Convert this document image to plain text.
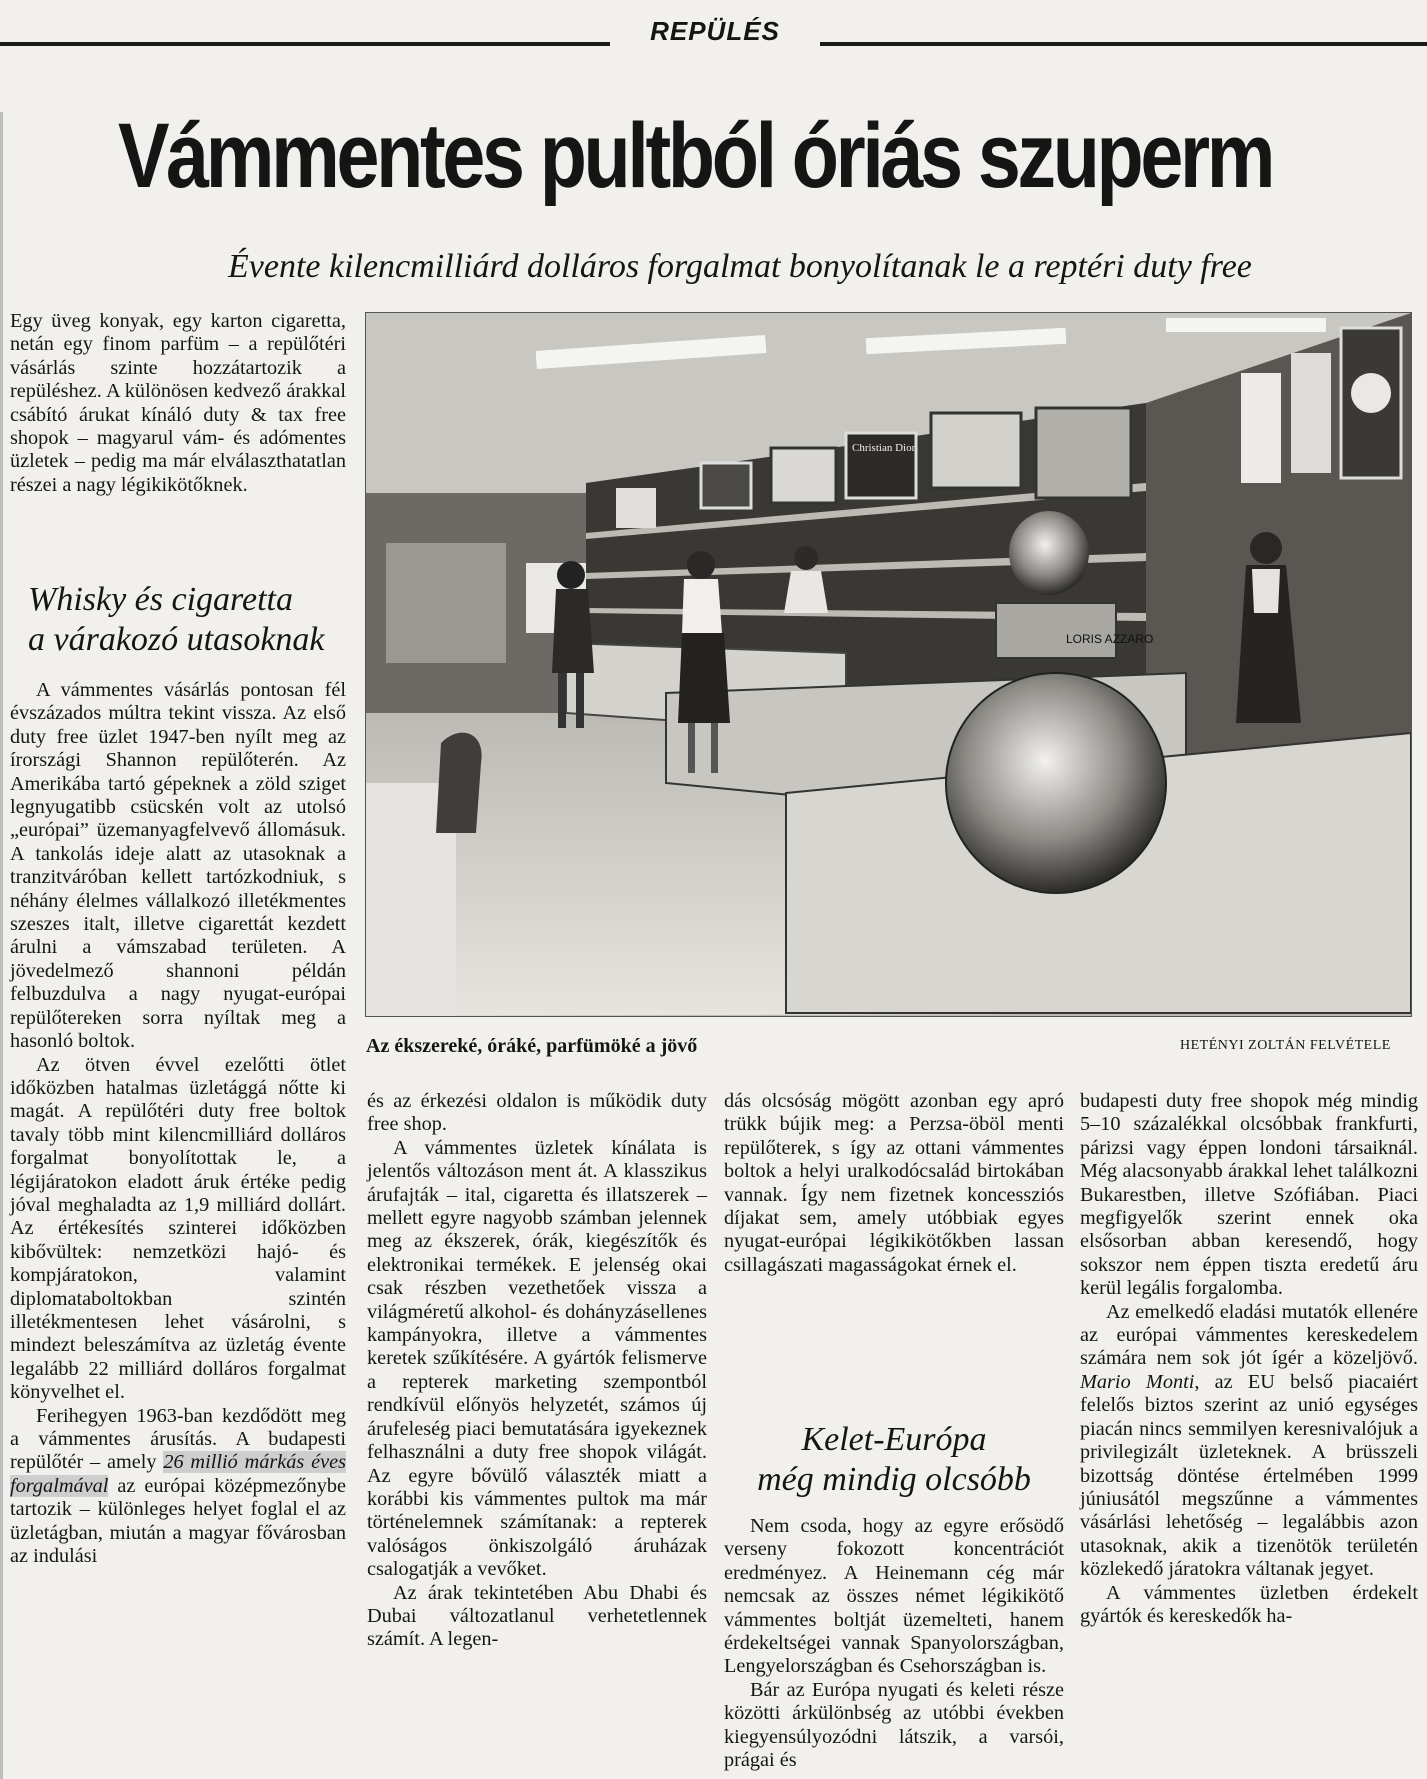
REPÜLÉS
Vámmentes pultból óriás szuperm
Évente kilencmilliárd dolláros forgalmat bonyolítanak le a reptéri duty free

Egy üveg konyak, egy karton cigaretta, netán egy finom parfüm – a repülőtéri vásárlás szinte hozzátartozik a repüléshez. A különösen kedvező árakkal csábító árukat kínáló duty & tax free shopok – magyarul vám- és adómentes üzletek – pedig ma már elválaszthatatlan részei a nagy légikikötőknek.

Whisky és cigaretta
a várakozó utasoknak

A vámmentes vásárlás pontosan fél évszázados múltra tekint vissza. Az első duty free üzlet 1947-ben nyílt meg az írországi Shannon repülőterén. Az Amerikába tartó gépeknek a zöld sziget legnyugatibb csücskén volt az utolsó „európai” üzemanyagfelvevő állomásuk. A tankolás ideje alatt az utasoknak a tranzitváróban kellett tartózkodniuk, s néhány élelmes vállalkozó illetékmentes szeszes italt, illetve cigarettát kezdett árulni a vámszabad területen. A jövedelmező shannoni példán felbuzdulva a nagy nyugat-európai repülőtereken sorra nyíltak meg a hasonló boltok.

Az ötven évvel ezelőtti ötlet időközben hatalmas üzletággá nőtte ki magát. A repülőtéri duty free boltok tavaly több mint kilencmilliárd dolláros forgalmat bonyolítottak le, a légijáratokon eladott áruk értéke pedig jóval meghaladta az 1,9 milliárd dollárt. Az értékesítés szinterei időközben kibővültek: nemzetközi hajó- és kompjáratokon, valamint diplomataboltokban szintén illetékmentesen lehet vásárolni, s mindezt beleszámítva az üzletág évente legalább 22 milliárd dolláros forgalmat könyvelhet el.

Ferihegyen 1963-ban kezdődött meg a vámmentes árusítás. A budapesti repülőtér – amely 26 millió márkás éves forgalmával az európai középmezőnybe tartozik – különleges helyet foglal el az üzletágban, miután a magyar fővárosban az indulási

Christian Dior
LORIS AZZARO
Az ékszereké, óráké, parfümöké a jövő	HETÉNYI ZOLTÁN FELVÉTELE

és az érkezési oldalon is működik duty free shop.

A vámmentes üzletek kínálata is jelentős változáson ment át. A klasszikus árufajták – ital, cigaretta és illatszerek – mellett egyre nagyobb számban jelennek meg az ékszerek, órák, kiegészítők és elektronikai termékek. E jelenség okai csak részben vezethetőek vissza a világméretű alkohol- és dohányzásellenes kampányokra, illetve a vámmentes keretek szűkítésére. A gyártók felismerve a repterek marketing szempontból rendkívül előnyös helyzetét, számos új árufeleség piaci bemutatására igyekeznek felhasználni a duty free shopok világát. Az egyre bővülő választék miatt a korábbi kis vámmentes pultok ma már történelemnek számítanak: a repterek valóságos önkiszolgáló áruházak csalogatják a vevőket.

Az árak tekintetében Abu Dhabi és Dubai változatlanul verhetetlennek számít. A legen-

dás olcsóság mögött azonban egy apró trükk bújik meg: a Perzsa-öböl menti repülőterek, s így az ottani vámmentes boltok a helyi uralkodócsalád birtokában vannak. Így nem fizetnek koncessziós díjakat sem, amely utóbbiak egyes nyugat-európai légikikötőkben lassan csillagászati magasságokat érnek el.

Kelet-Európa
még mindig olcsóbb

Nem csoda, hogy az egyre erősödő verseny fokozott koncentrációt eredményez. A Heinemann cég már nemcsak az összes német légikikötő vámmentes boltját üzemelteti, hanem érdekeltségei vannak Spanyolországban, Lengyelországban és Csehországban is.

Bár az Európa nyugati és keleti része közötti árkülönbség az utóbbi években kiegyensúlyozódni látszik, a varsói, prágai és

budapesti duty free shopok még mindig 5–10 százalékkal olcsóbbak frankfurti, párizsi vagy éppen londoni társaiknál. Még alacsonyabb árakkal lehet találkozni Bukarestben, illetve Szófiában. Piaci megfigyelők szerint ennek oka elsősorban abban keresendő, hogy sokszor nem éppen tiszta eredetű áru kerül legális forgalomba.

Az emelkedő eladási mutatók ellenére az európai vámmentes kereskedelem számára nem sok jót ígér a közeljövő. Mario Monti, az EU belső piacaiért felelős biztos szerint az unió egységes piacán nincs semmilyen keresnivalójuk a privilegizált üzleteknek. A brüsszeli bizottság döntése értelmében 1999 júniusától megszűnne a vámmentes vásárlási lehetőség – legalábbis azon utasoknak, akik a tizenötök területén közlekedő járatokra váltanak jegyet.

A vámmentes üzletben érdekelt gyártók és kereskedők ha-
